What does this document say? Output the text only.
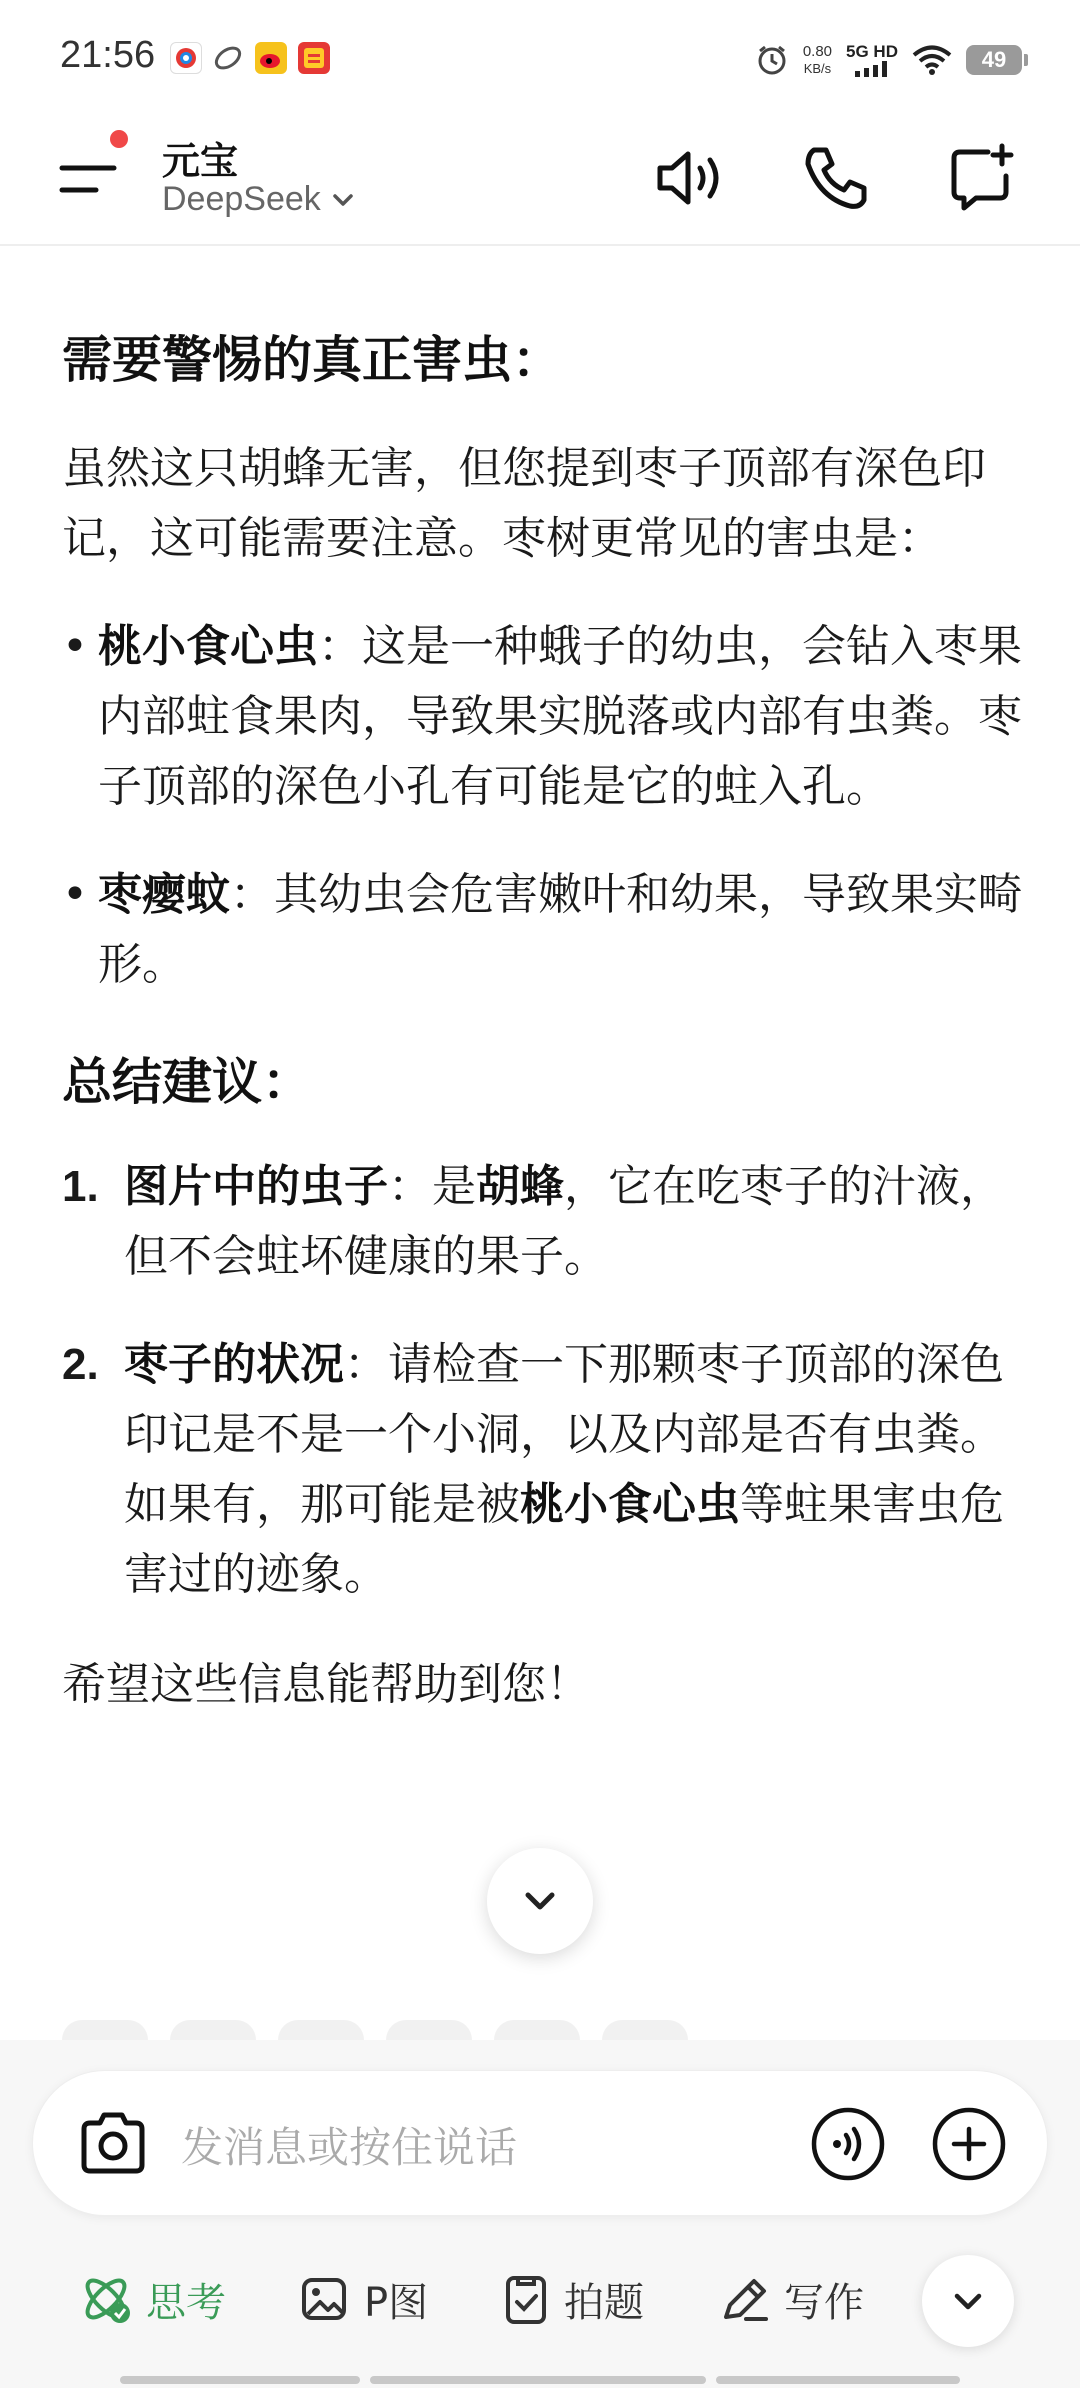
21:56	0.80
KB/s
5G HD	49
元宝
DeepSeek
需要警惕的真正害虫：

虽然这只胡蜂无害，但您提到枣子顶部有深色印记，这可能需要注意。枣树更常见的害虫是：

• 桃小食心虫：这是一种蛾子的幼虫，会钻入枣果内部蛀食果肉，导致果实脱落或内部有虫粪。枣子顶部的深色小孔有可能是它的蛀入孔。
• 枣瘿蚊：其幼虫会危害嫩叶和幼果，导致果实畸形。
总结建议：
1. 图片中的虫子：是胡蜂，它在吃枣子的汁液，但不会蛀坏健康的果子。
2. 枣子的状况：请检查一下那颗枣子顶部的深色印记是不是一个小洞，以及内部是否有虫粪。如果有，那可能是被桃小食心虫等蛀果害虫危害过的迹象。

希望这些信息能帮助到您！

发消息或按住说话
思考	P图	拍题	写作
